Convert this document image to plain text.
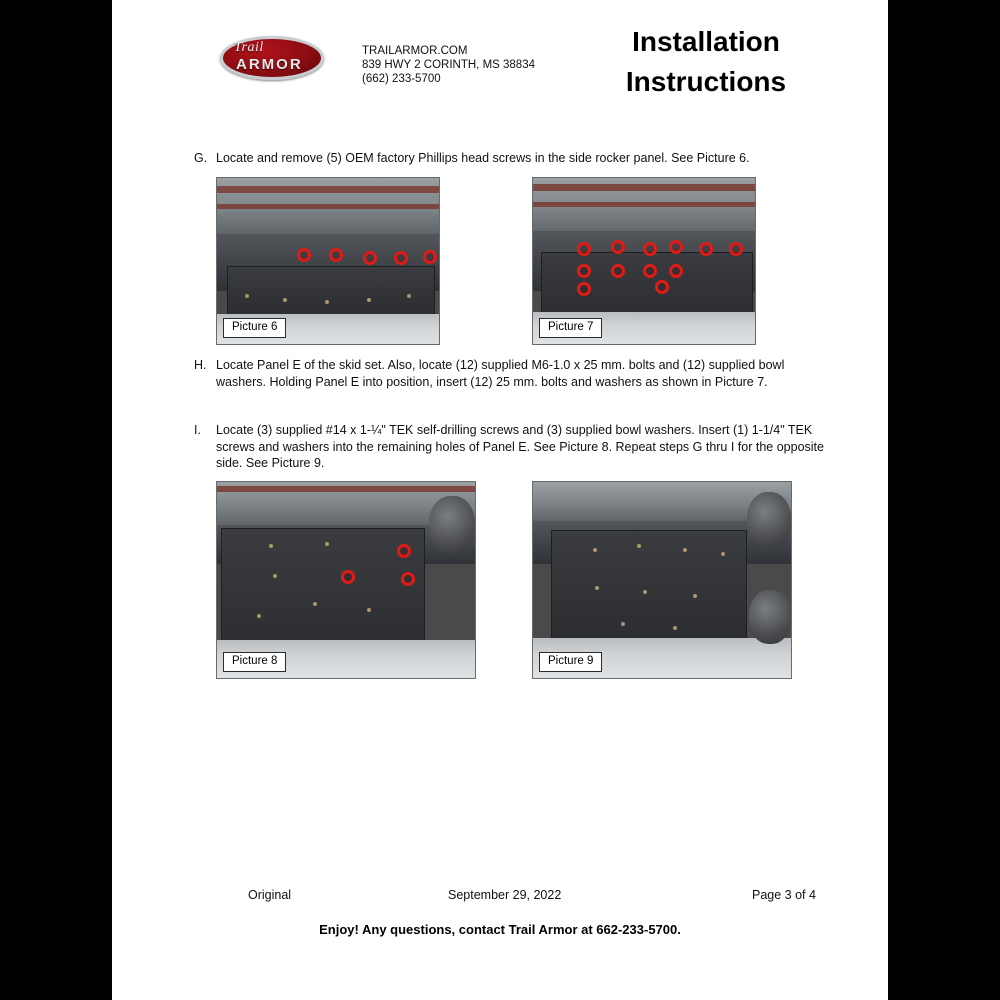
Trail
ARMOR
TRAILARMOR.COM
839 HWY 2 CORINTH, MS 38834
(662) 233-5700
Installation
Instructions
G. Locate and remove (5) OEM factory Phillips head screws in the side rocker panel. See Picture 6.
Picture 6	Picture 7
H. Locate Panel E of the skid set. Also, locate (12) supplied M6-1.0 x 25 mm. bolts and (12) supplied bowl washers. Holding Panel E into position, insert (12) 25 mm. bolts and washers as shown in Picture 7.
I.	Locate (3) supplied #14 x 1-¼" TEK self-drilling screws and (3) supplied bowl washers. Insert (1) 1-1/4" TEK screws and washers into the remaining holes of Panel E. See Picture 8. Repeat steps G thru I for the opposite side. See Picture 9.
Picture 8	Picture 9
Original	September 29, 2022	Page 3 of 4
Enjoy! Any questions, contact Trail Armor at 662-233-5700.
